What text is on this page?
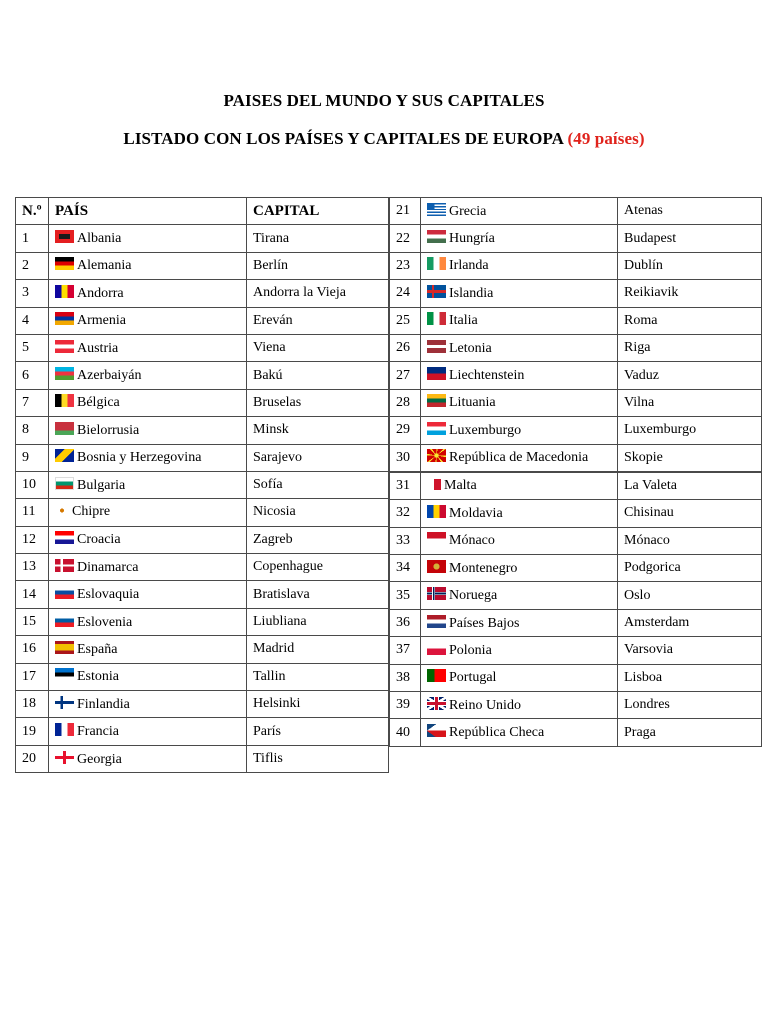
PAISES DEL MUNDO Y SUS CAPITALES
LISTADO CON LOS PAÍSES Y CAPITALES DE EUROPA (49 países)
N.º	PAÍS	CAPITAL
1	Albania	Tirana
2	Alemania	Berlín
3	Andorra	Andorra la Vieja
4	Armenia	Ereván
5	Austria	Viena
6	Azerbaiyán	Bakú
7	Bélgica	Bruselas
8	Bielorrusia	Minsk
9	Bosnia y Herzegovina	Sarajevo
10	Bulgaria	Sofía
11	Chipre	Nicosia
12	Croacia	Zagreb
13	Dinamarca	Copenhague
14	Eslovaquia	Bratislava
15	Eslovenia	Liubliana
16	España	Madrid
17	Estonia	Tallin
18	Finlandia	Helsinki
19	Francia	París
20	Georgia	Tiflis
21	Grecia	Atenas
22	Hungría	Budapest
23	Irlanda	Dublín
24	Islandia	Reikiavik
25	Italia	Roma
26	Letonia	Riga
27	Liechtenstein	Vaduz
28	Lituania	Vilna
29	Luxemburgo	Luxemburgo
30	República de Macedonia	Skopie
31	Malta	La Valeta
32	Moldavia	Chisinau
33	Mónaco	Mónaco
34	Montenegro	Podgorica
35	Noruega	Oslo
36	Países Bajos	Amsterdam
37	Polonia	Varsovia
38	Portugal	Lisboa
39	Reino Unido	Londres
40	República Checa	Praga
